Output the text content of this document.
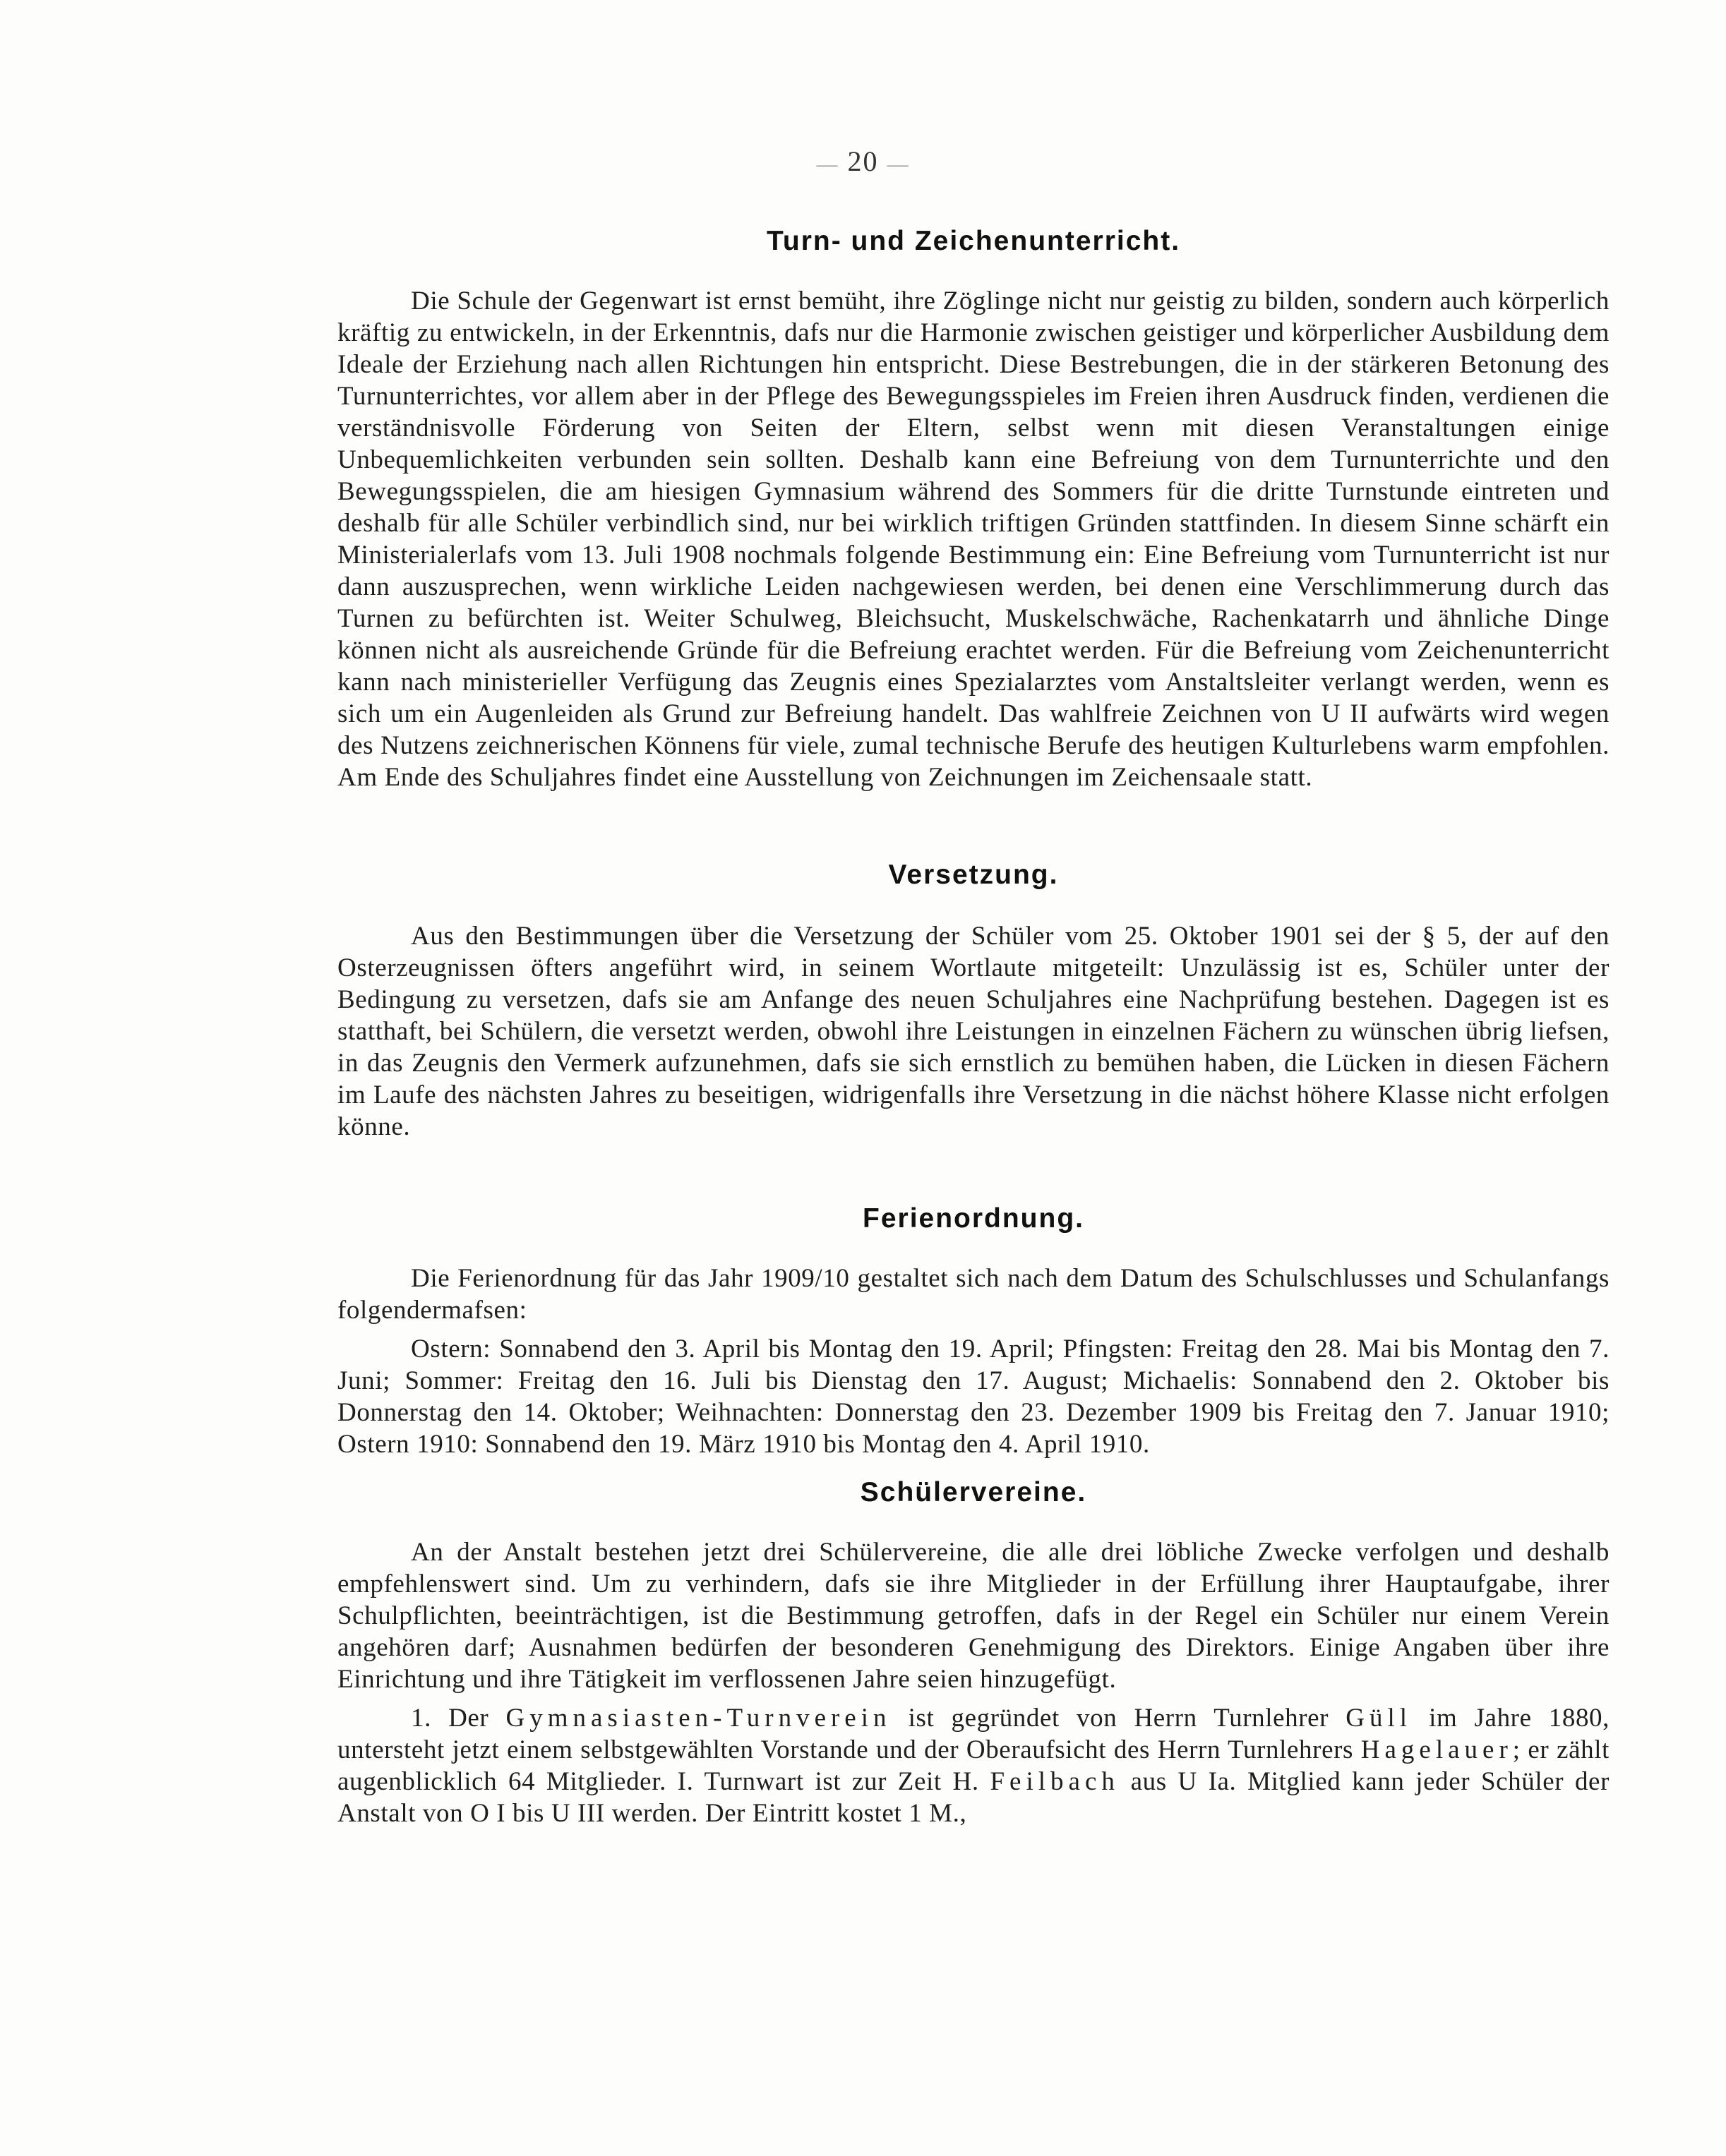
— 20 —
Turn- und Zeichenunterricht.

Die Schule der Gegenwart ist ernst bemüht, ihre Zöglinge nicht nur geistig zu bilden, sondern auch körperlich kräftig zu entwickeln, in der Erkenntnis, dafs nur die Harmonie zwischen geistiger und körperlicher Ausbildung dem Ideale der Erziehung nach allen Richtungen hin entspricht. Diese Bestrebungen, die in der stärkeren Betonung des Turnunterrichtes, vor allem aber in der Pflege des Bewegungsspieles im Freien ihren Ausdruck finden, verdienen die verständnisvolle Förderung von Seiten der Eltern, selbst wenn mit diesen Veranstaltungen einige Unbequemlichkeiten verbunden sein sollten. Deshalb kann eine Befreiung von dem Turnunterrichte und den Bewegungsspielen, die am hiesigen Gymnasium während des Sommers für die dritte Turnstunde eintreten und deshalb für alle Schüler verbindlich sind, nur bei wirklich triftigen Gründen stattfinden. In diesem Sinne schärft ein Ministerialerlafs vom 13. Juli 1908 nochmals folgende Bestimmung ein: Eine Befreiung vom Turnunterricht ist nur dann auszusprechen, wenn wirkliche Leiden nachgewiesen werden, bei denen eine Verschlimmerung durch das Turnen zu befürchten ist. Weiter Schulweg, Bleichsucht, Muskelschwäche, Rachenkatarrh und ähnliche Dinge können nicht als ausreichende Gründe für die Befreiung erachtet werden. Für die Befreiung vom Zeichenunterricht kann nach ministerieller Verfügung das Zeugnis eines Spezialarztes vom Anstaltsleiter verlangt werden, wenn es sich um ein Augenleiden als Grund zur Befreiung handelt. Das wahlfreie Zeichnen von U II aufwärts wird wegen des Nutzens zeichnerischen Könnens für viele, zumal technische Berufe des heutigen Kulturlebens warm empfohlen. Am Ende des Schuljahres findet eine Ausstellung von Zeichnungen im Zeichensaale statt.

Versetzung.

Aus den Bestimmungen über die Versetzung der Schüler vom 25. Oktober 1901 sei der § 5, der auf den Osterzeugnissen öfters angeführt wird, in seinem Wortlaute mitgeteilt: Unzulässig ist es, Schüler unter der Bedingung zu versetzen, dafs sie am Anfange des neuen Schuljahres eine Nachprüfung bestehen. Dagegen ist es statthaft, bei Schülern, die versetzt werden, obwohl ihre Leistungen in einzelnen Fächern zu wünschen übrig liefsen, in das Zeugnis den Vermerk aufzunehmen, dafs sie sich ernstlich zu bemühen haben, die Lücken in diesen Fächern im Laufe des nächsten Jahres zu beseitigen, widrigenfalls ihre Versetzung in die nächst höhere Klasse nicht erfolgen könne.

Ferienordnung.

Die Ferienordnung für das Jahr 1909/10 gestaltet sich nach dem Datum des Schulschlusses und Schulanfangs folgendermafsen:

Ostern: Sonnabend den 3. April bis Montag den 19. April; Pfingsten: Freitag den 28. Mai bis Montag den 7. Juni; Sommer: Freitag den 16. Juli bis Dienstag den 17. August; Michaelis: Sonnabend den 2. Oktober bis Donnerstag den 14. Oktober; Weihnachten: Donnerstag den 23. Dezember 1909 bis Freitag den 7. Januar 1910; Ostern 1910: Sonnabend den 19. März 1910 bis Montag den 4. April 1910.

Schülervereine.

An der Anstalt bestehen jetzt drei Schülervereine, die alle drei löbliche Zwecke verfolgen und deshalb empfehlenswert sind. Um zu verhindern, dafs sie ihre Mitglieder in der Erfüllung ihrer Hauptaufgabe, ihrer Schulpflichten, beeinträchtigen, ist die Bestimmung getroffen, dafs in der Regel ein Schüler nur einem Verein angehören darf; Ausnahmen bedürfen der besonderen Genehmigung des Direktors. Einige Angaben über ihre Einrichtung und ihre Tätigkeit im verflossenen Jahre seien hinzugefügt.

1. Der Gymnasiasten-Turnverein ist gegründet von Herrn Turnlehrer Güll im Jahre 1880, untersteht jetzt einem selbstgewählten Vorstande und der Oberaufsicht des Herrn Turnlehrers Hagelauer; er zählt augenblicklich 64 Mitglieder. I. Turnwart ist zur Zeit H. Feilbach aus U Ia. Mitglied kann jeder Schüler der Anstalt von O I bis U III werden. Der Eintritt kostet 1 M.,
